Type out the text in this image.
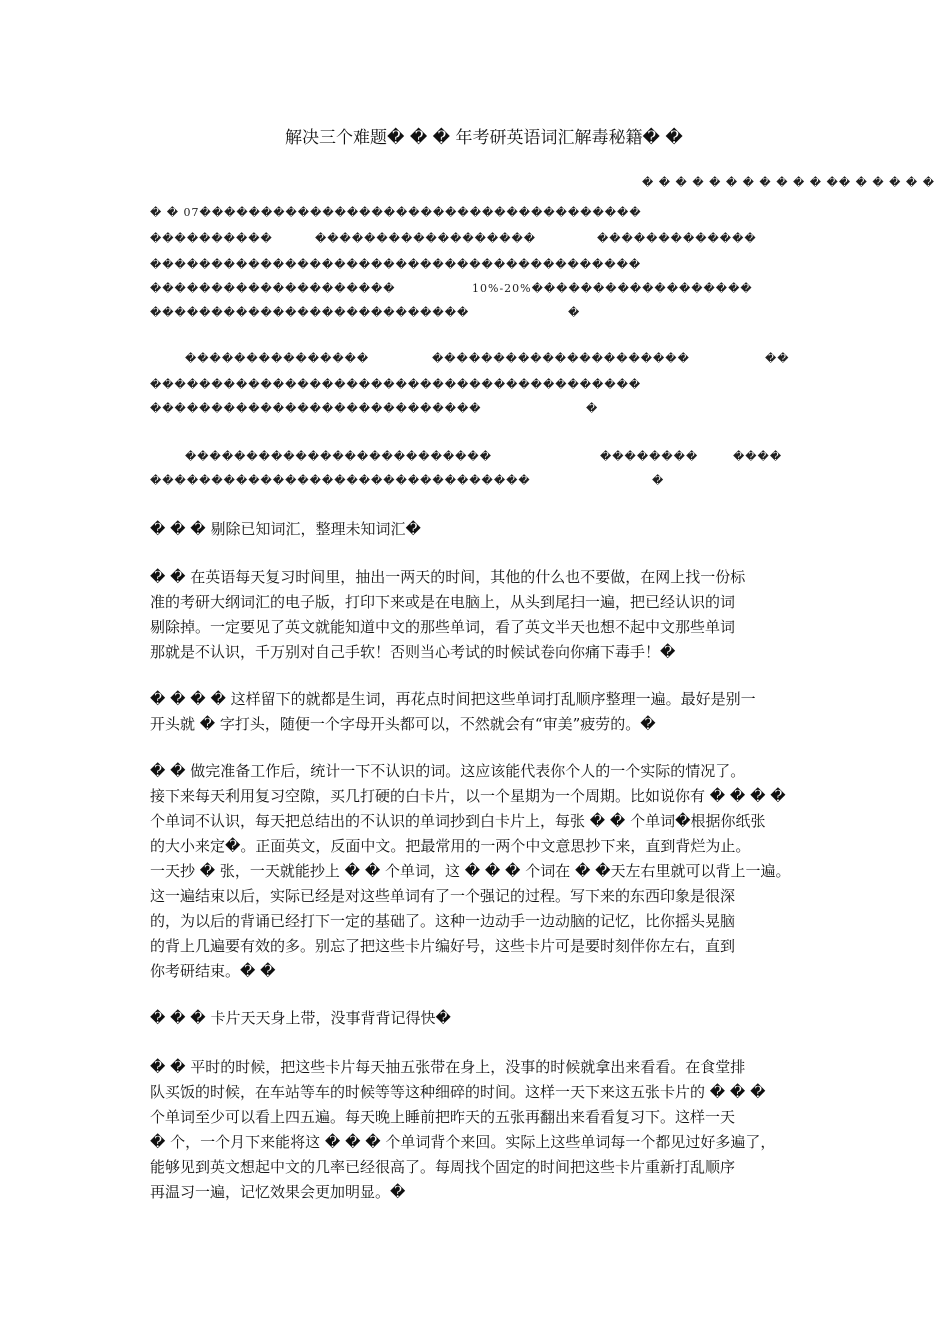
解决三个难题� � � 年考研英语词汇解毒秘籍� �
� � � � � � � � � � � �� � � � � �
� � 07������������������������������������
����������	������������������	�������������
����������������������������������������
��������������������	10%-20%������������������
��������������������������	�
���������������	���������������������	��
����������������������������������������
���������������������������	�
�������������������������	��������	����
�������������������������������	�
� � � 剔除已知词汇，整理未知词汇�
� � 在英语每天复习时间里，抽出一两天的时间，其他的什么也不要做，在网上找一份标
准的考研大纲词汇的电子版，打印下来或是在电脑上，从头到尾扫一遍，把已经认识的词
剔除掉。一定要见了英文就能知道中文的那些单词，看了英文半天也想不起中文那些单词
那就是不认识，千万别对自己手软！否则当心考试的时候试卷向你痛下毒手！�
� � � � 这样留下的就都是生词，再花点时间把这些单词打乱顺序整理一遍。最好是别一
开头就 � 字打头，随便一个字母开头都可以，不然就会有“审美”疲劳的。�
� � 做完准备工作后，统计一下不认识的词。这应该能代表你个人的一个实际的情况了。
接下来每天利用复习空隙，买几打硬的白卡片，以一个星期为一个周期。比如说你有 � � � �
个单词不认识，每天把总结出的不认识的单词抄到白卡片上，每张 � � 个单词�根据你纸张
的大小来定�。正面英文，反面中文。把最常用的一两个中文意思抄下来，直到背烂为止。
一天抄 � 张，一天就能抄上 � � 个单词，这 � � � 个词在 � �天左右里就可以背上一遍。
这一遍结束以后，实际已经是对这些单词有了一个强记的过程。写下来的东西印象是很深
的，为以后的背诵已经打下一定的基础了。这种一边动手一边动脑的记忆，比你摇头晃脑
的背上几遍要有效的多。别忘了把这些卡片编好号，这些卡片可是要时刻伴你左右，直到
你考研结束。� �
� � � 卡片天天身上带，没事背背记得快�
� � 平时的时候，把这些卡片每天抽五张带在身上，没事的时候就拿出来看看。在食堂排
队买饭的时候，在车站等车的时候等等这种细碎的时间。这样一天下来这五张卡片的 � � �
个单词至少可以看上四五遍。每天晚上睡前把昨天的五张再翻出来看看复习下。这样一天
� 个，一个月下来能将这 � � � 个单词背个来回。实际上这些单词每一个都见过好多遍了，
能够见到英文想起中文的几率已经很高了。每周找个固定的时间把这些卡片重新打乱顺序
再温习一遍，记忆效果会更加明显。�
